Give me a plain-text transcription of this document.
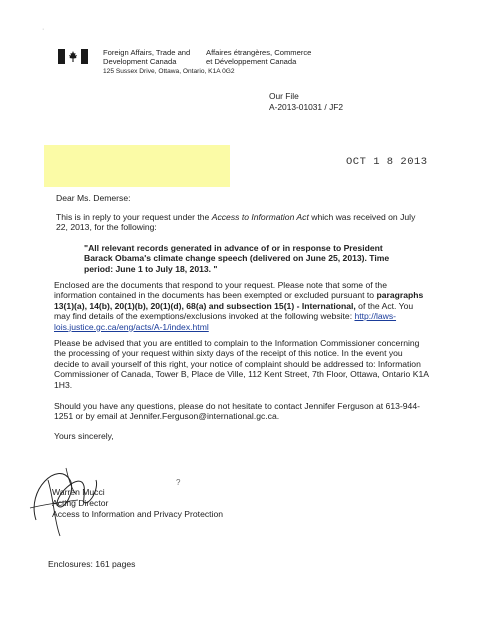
·
Foreign Affairs, Trade and
Development Canada
Affaires étrangères, Commerce
et Développement Canada
125 Sussex Drive, Ottawa, Ontario, K1A 0G2
Our File
A-2013-01031 / JF2
OCT 1 8 2013
Dear Ms. Demerse:
This is in reply to your request under the Access to Information Act which was received on July 22, 2013, for the following:
"All relevant records generated in advance of or in response to President Barack Obama's climate change speech (delivered on June 25, 2013). Time period: June 1 to July 18, 2013. "
Enclosed are the documents that respond to your request. Please note that some of the information contained in the documents has been exempted or excluded pursuant to paragraphs 13(1)(a), 14(b), 20(1)(b), 20(1)(d), 68(a) and subsection 15(1) - International, of the Act. You may find details of the exemptions/exclusions invoked at the following website: http://laws-lois.justice.gc.ca/eng/acts/A-1/index.html
Please be advised that you are entitled to complain to the Information Commissioner concerning the processing of your request within sixty days of the receipt of this notice. In the event you decide to avail yourself of this right, your notice of complaint should be addressed to: Information Commissioner of Canada, Tower B, Place de Ville, 112 Kent Street, 7th Floor, Ottawa, Ontario K1A 1H3.
Should you have any questions, please do not hesitate to contact Jennifer Ferguson at 613-944-1251 or by email at Jennifer.Ferguson@international.gc.ca.
Yours sincerely,
?
Warren Mucci
Acting Director
Access to Information and Privacy Protection
Enclosures: 161 pages
